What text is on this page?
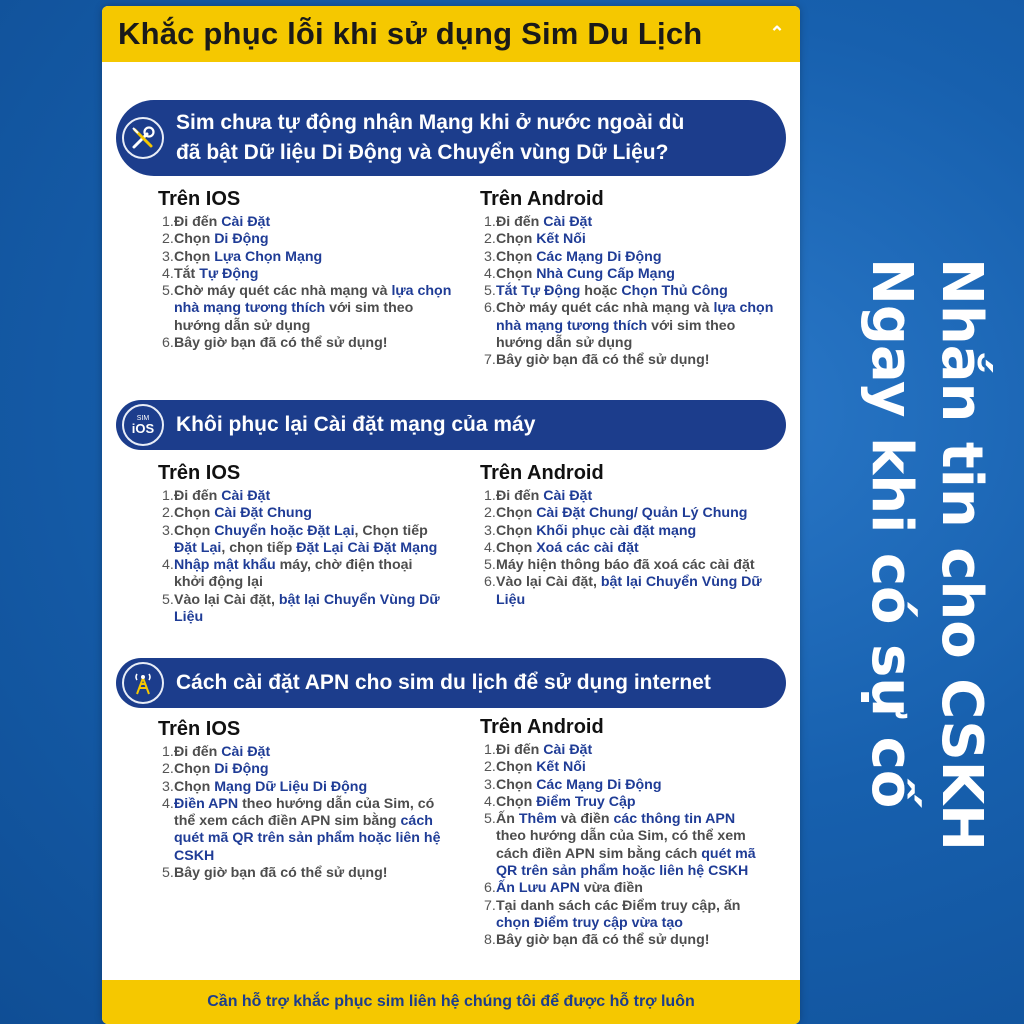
Khắc phục lỗi khi sử dụng Sim Du Lịch	⌃
Sim chưa tự động nhận Mạng khi ở nước ngoài dù
đã bật Dữ liệu Di Động và Chuyển vùng Dữ Liệu?
Trên IOS	Trên Android
1. Đi đến Cài Đặt
2. Chọn Di Động
3. Chọn Lựa Chọn Mạng
4. Tắt Tự Động
5. Chờ máy quét các nhà mạng và lựa chọn nhà mạng tương thích với sim theo hướng dẫn sử dụng
6. Bây giờ bạn đã có thể sử dụng!
1. Đi đến Cài Đặt
2. Chọn Kết Nối
3. Chọn Các Mạng Di Động
4. Chọn Nhà Cung Cấp Mạng
5. Tắt Tự Động hoặc Chọn Thủ Công
6. Chờ máy quét các nhà mạng và lựa chọn nhà mạng tương thích với sim theo hướng dẫn sử dụng
7. Bây giờ bạn đã có thể sử dụng!
SIM
iOS Khôi phục lại Cài đặt mạng của máy
Trên IOS	Trên Android
1. Đi đến Cài Đặt
2. Chọn Cài Đặt Chung
3. Chọn Chuyển hoặc Đặt Lại, Chọn tiếp Đặt Lại, chọn tiếp Đặt Lại Cài Đặt Mạng
4. Nhập mật khẩu máy, chờ điện thoại khởi động lại
5. Vào lại Cài đặt, bật lại Chuyển Vùng Dữ Liệu
1. Đi đến Cài Đặt
2. Chọn Cài Đặt Chung/ Quản Lý Chung
3. Chọn Khối phục cài đặt mạng
4. Chọn Xoá các cài đặt
5. Máy hiện thông báo đã xoá các cài đặt
6. Vào lại Cài đặt, bật lại Chuyển Vùng Dữ Liệu
Cách cài đặt APN cho sim du lịch để sử dụng internet
Trên IOS	Trên Android
1. Đi đến Cài Đặt
2. Chọn Di Động
3. Chọn Mạng Dữ Liệu Di Động
4. Điền APN theo hướng dẫn của Sim, có thể xem cách điền APN sim bằng cách quét mã QR trên sản phẩm hoặc liên hệ CSKH
5. Bây giờ bạn đã có thể sử dụng!
1. Đi đến Cài Đặt
2. Chọn Kết Nối
3. Chọn Các Mạng Di Động
4. Chọn Điểm Truy Cập
5. Ấn Thêm và điền các thông tin APN theo hướng dẫn của Sim, có thể xem cách điền APN sim bằng cách quét mã QR trên sản phẩm hoặc liên hệ CSKH
6. Ấn Lưu APN vừa điền
7. Tại danh sách các Điểm truy cập, ấn chọn Điểm truy cập vừa tạo
8. Bây giờ bạn đã có thể sử dụng!
Cần hỗ trợ khắc phục sim liên hệ chúng tôi để được hỗ trợ luôn
Nhắn tin cho CSKH
Ngay khi có sự cố
